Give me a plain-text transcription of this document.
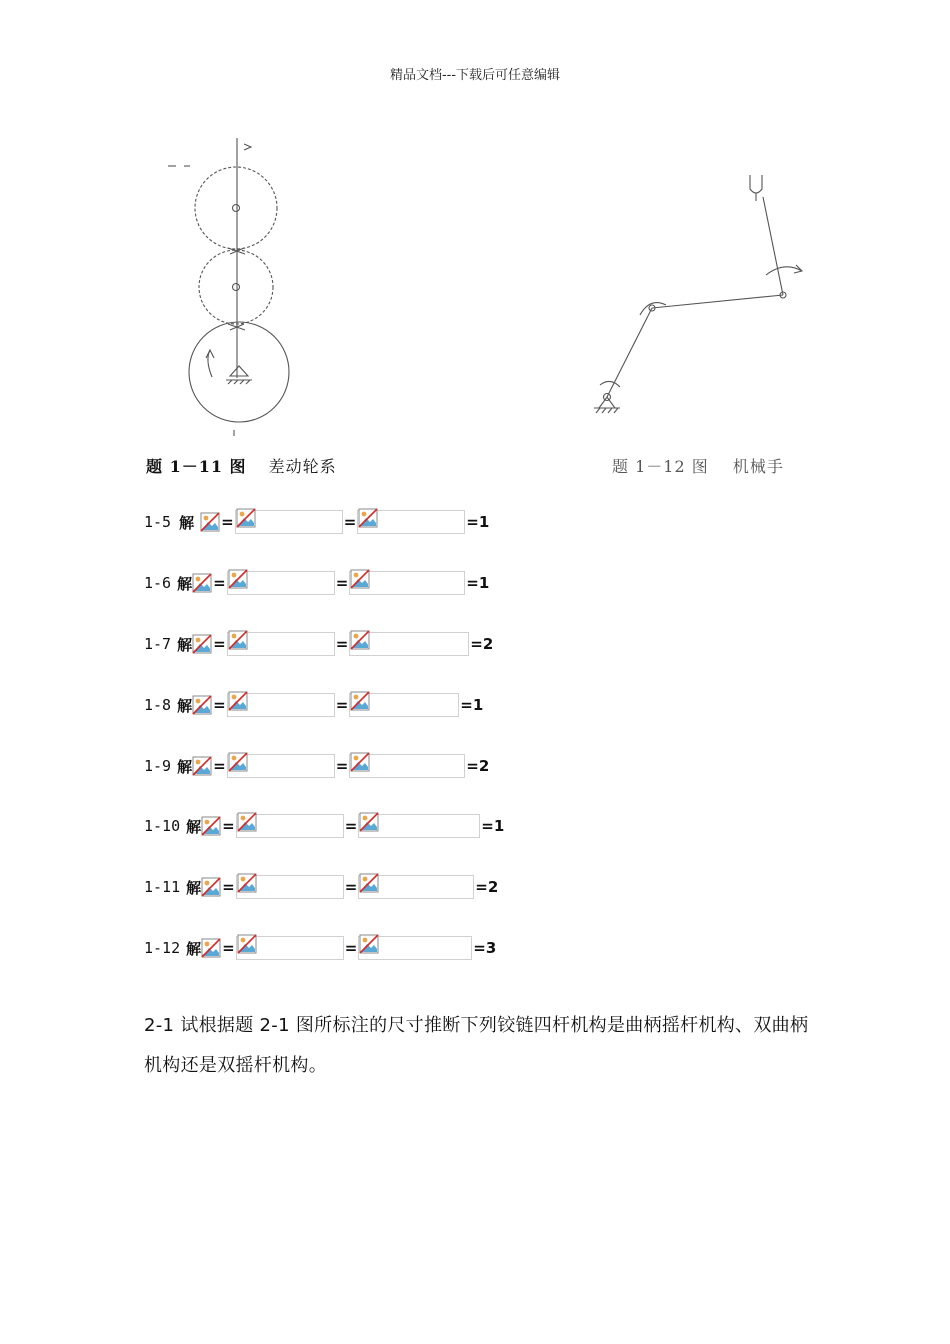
精品文档---下载后可任意编辑
题 1－11 图 差动轮系	题 1－12 图 机械手
1-5 解 =	=	=1
1-6 解 =	=	=1
1-7 解 =	=	=2
1-8 解 =	=	=1
1-9 解 =	=	=2
1-10 解 =	=	=1
1-11 解 =	=	=2
1-12 解 =	=	=3
2-1 试根据题 2-1 图所标注的尺寸推断下列铰链四杆机构是曲柄摇杆机构、双曲柄机构还是双摇杆机构。
